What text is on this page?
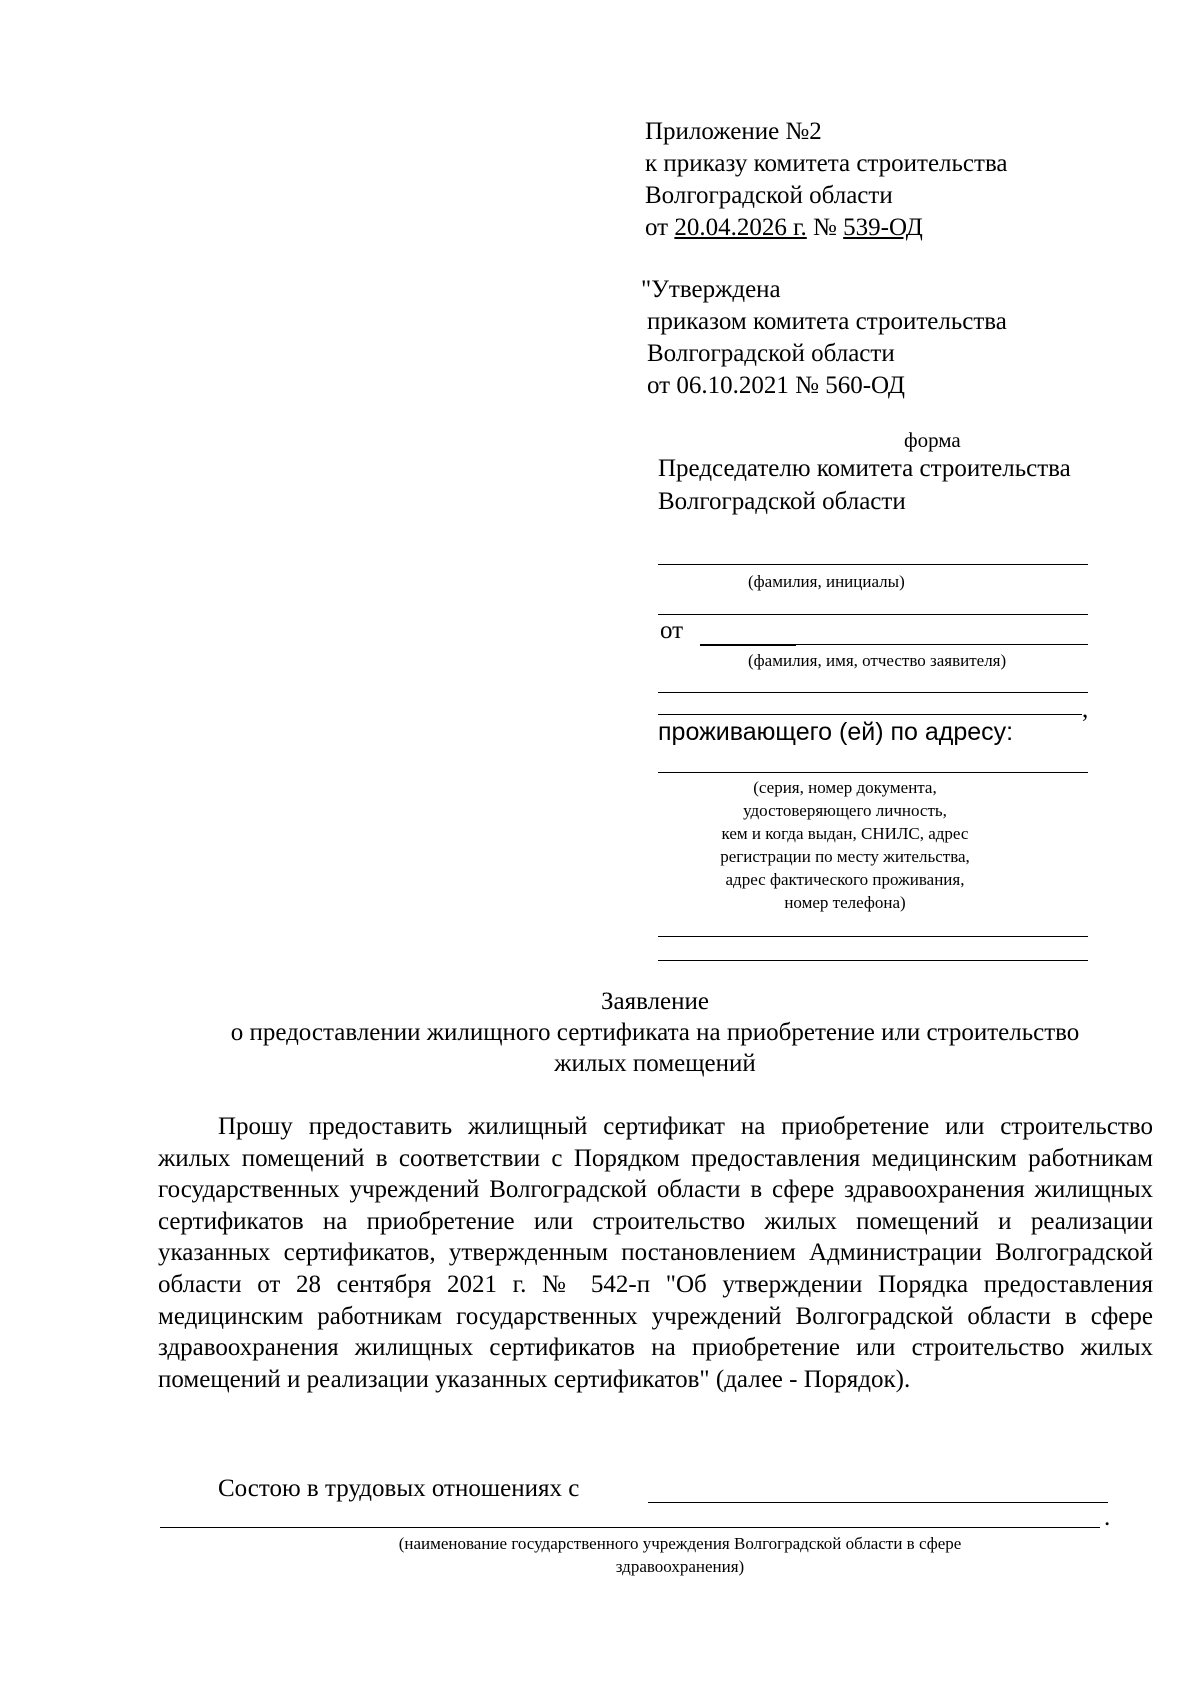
Приложение №2
к приказу комитета строительства
Волгоградской области
от 20.04.2026 г. № 539-ОД
"Утверждена
приказом комитета строительства
Волгоградской области
от 06.10.2021 № 560-ОД
форма
Председателю комитета строительства
Волгоградской области
(фамилия, инициалы)
от
(фамилия, имя, отчество заявителя)
,
проживающего (ей) по адресу:
(серия, номер документа,
удостоверяющего личность,
кем и когда выдан, СНИЛС, адрес
регистрации по месту жительства,
адрес фактического проживания,
номер телефона)
Заявление
о предоставлении жилищного сертификата на приобретение или строительство
жилых помещений

Прошу предоставить жилищный сертификат на приобретение или строительство жилых помещений в соответствии с Порядком предоставления медицинским работникам государственных учреждений Волгоградской области в сфере здравоохранения жилищных сертификатов на приобретение или строительство жилых помещений и реализации указанных сертификатов, утвержденным постановлением Администрации Волгоградской области от 28 сентября 2021 г. № 542-п "Об утверждении Порядка предоставления медицинским работникам государственных учреждений Волгоградской области в сфере здравоохранения жилищных сертификатов на приобретение или строительство жилых помещений и реализации указанных сертификатов" (далее - Порядок).

Состою в трудовых отношениях с
.
(наименование государственного учреждения Волгоградской области в сфере
здравоохранения)
